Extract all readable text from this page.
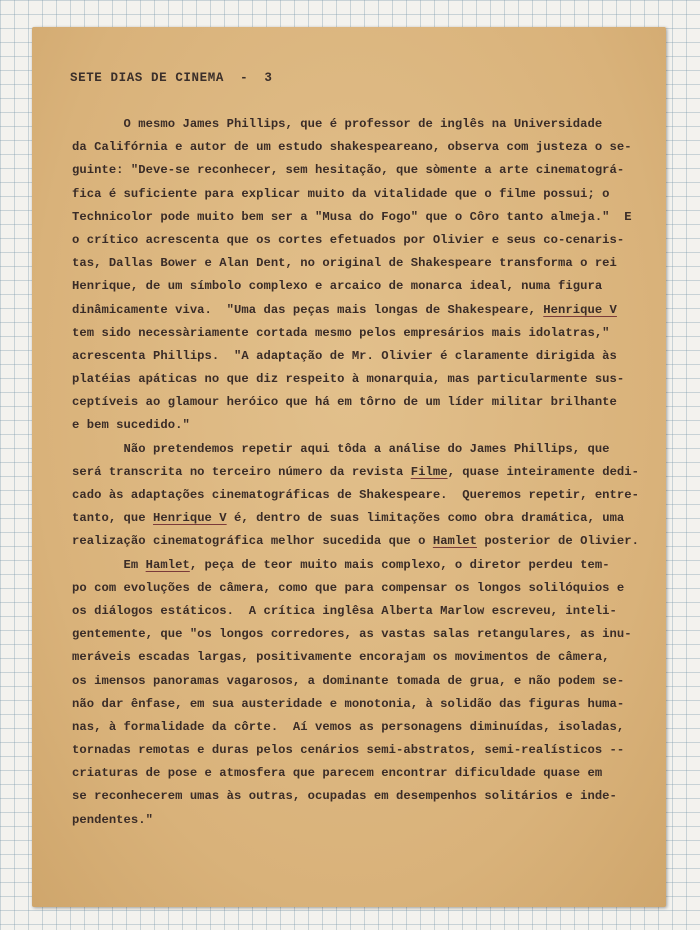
SETE DIAS DE CINEMA  -  3
O mesmo James Phillips, que é professor de inglês na Universidade
da Califórnia e autor de um estudo shakespeareano, observa com justeza o se-
guinte: "Deve-se reconhecer, sem hesitação, que sòmente a arte cinematográ-
fica é suficiente para explicar muito da vitalidade que o filme possui; o
Technicolor pode muito bem ser a "Musa do Fogo" que o Côro tanto almeja."  E
o crítico acrescenta que os cortes efetuados por Olivier e seus co-cenaris-
tas, Dallas Bower e Alan Dent, no original de Shakespeare transforma o rei
Henrique, de um símbolo complexo e arcaico de monarca ideal, numa figura
dinâmicamente viva.  "Uma das peças mais longas de Shakespeare, Henrique V
tem sido necessàriamente cortada mesmo pelos empresários mais idolatras,"
acrescenta Phillips.  "A adaptação de Mr. Olivier é claramente dirigida às
platéias apáticas no que diz respeito à monarquia, mas particularmente sus-
ceptíveis ao glamour heróico que há em tôrno de um líder militar brilhante
e bem sucedido."
Não pretendemos repetir aqui tôda a análise do James Phillips, que
será transcrita no terceiro número da revista Filme, quase inteiramente dedi-
cado às adaptações cinematográficas de Shakespeare.  Queremos repetir, entre-
tanto, que Henrique V é, dentro de suas limitações como obra dramática, uma
realização cinematográfica melhor sucedida que o Hamlet posterior de Olivier.
Em Hamlet, peça de teor muito mais complexo, o diretor perdeu tem-
po com evoluções de câmera, como que para compensar os longos solilóquios e
os diálogos estáticos.  A crítica inglêsa Alberta Marlow escreveu, inteli-
gentemente, que "os longos corredores, as vastas salas retangulares, as inu-
meráveis escadas largas, positivamente encorajam os movimentos de câmera,
os imensos panoramas vagarosos, a dominante tomada de grua, e não podem se-
não dar ênfase, em sua austeridade e monotonia, à solidão das figuras huma-
nas, à formalidade da côrte.  Aí vemos as personagens diminuídas, isoladas,
tornadas remotas e duras pelos cenários semi-abstratos, semi-realísticos --
criaturas de pose e atmosfera que parecem encontrar dificuldade quase em
se reconhecerem umas às outras, ocupadas em desempenhos solitários e inde-
pendentes."
